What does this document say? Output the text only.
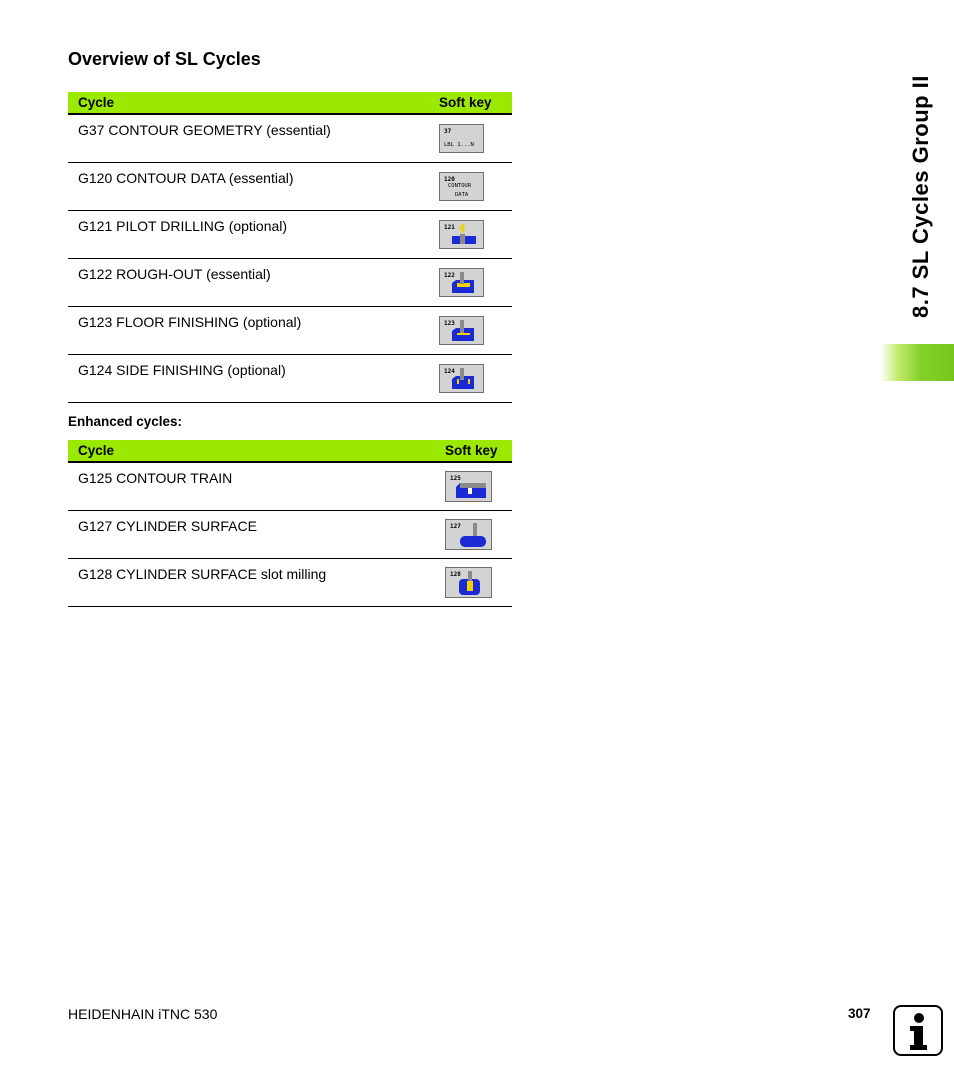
Overview of SL Cycles
Cycle	Soft key
G37 CONTOUR GEOMETRY (essential)	37
LBL 1...N
G120 CONTOUR DATA (essential)	120
CONTOUR
DATA
G121 PILOT DRILLING (optional)	121
G122 ROUGH-OUT (essential)	122
G123 FLOOR FINISHING (optional)	123
G124 SIDE FINISHING (optional)	124

Enhanced cycles:

Cycle	Soft key
G125 CONTOUR TRAIN	125
G127 CYLINDER SURFACE	127
G128 CYLINDER SURFACE slot milling	128
8.7 SL Cycles Group II
HEIDENHAIN iTNC 530	307
